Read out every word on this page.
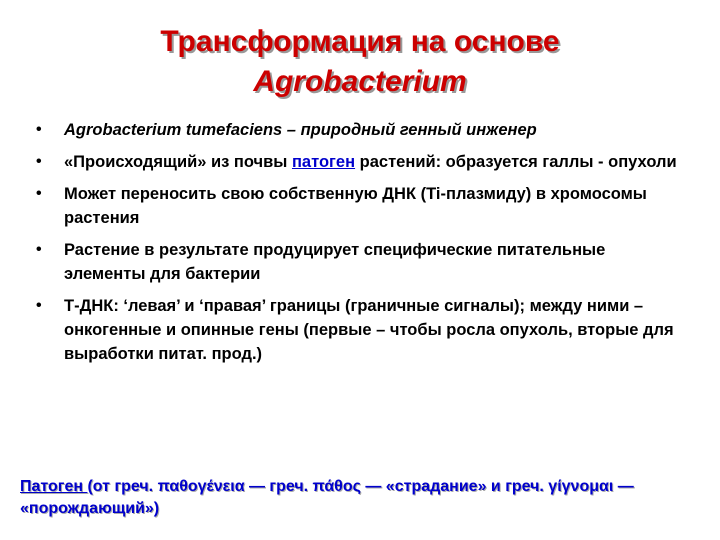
Трансформация на основе
Agrobacterium
• Agrobacterium tumefaciens – природный генный инженер
• «Происходящий» из почвы патоген растений: образуется галлы - опухоли
• Может переносить свою собственную ДНК (Ti-плазмиду) в хромосомы растения
• Растение в результате продуцирует специфические питательные элементы для бактерии
• Т-ДНК: ‘левая’ и ‘правая’ границы (граничные сигналы); между ними – онкогенные и опинные гены (первые – чтобы росла опухоль, вторые для выработки питат. прод.)
Патоген (от греч. παθογένεια — греч. πάθος — «страдание» и греч. γίγνομαι — «порождающий»)
